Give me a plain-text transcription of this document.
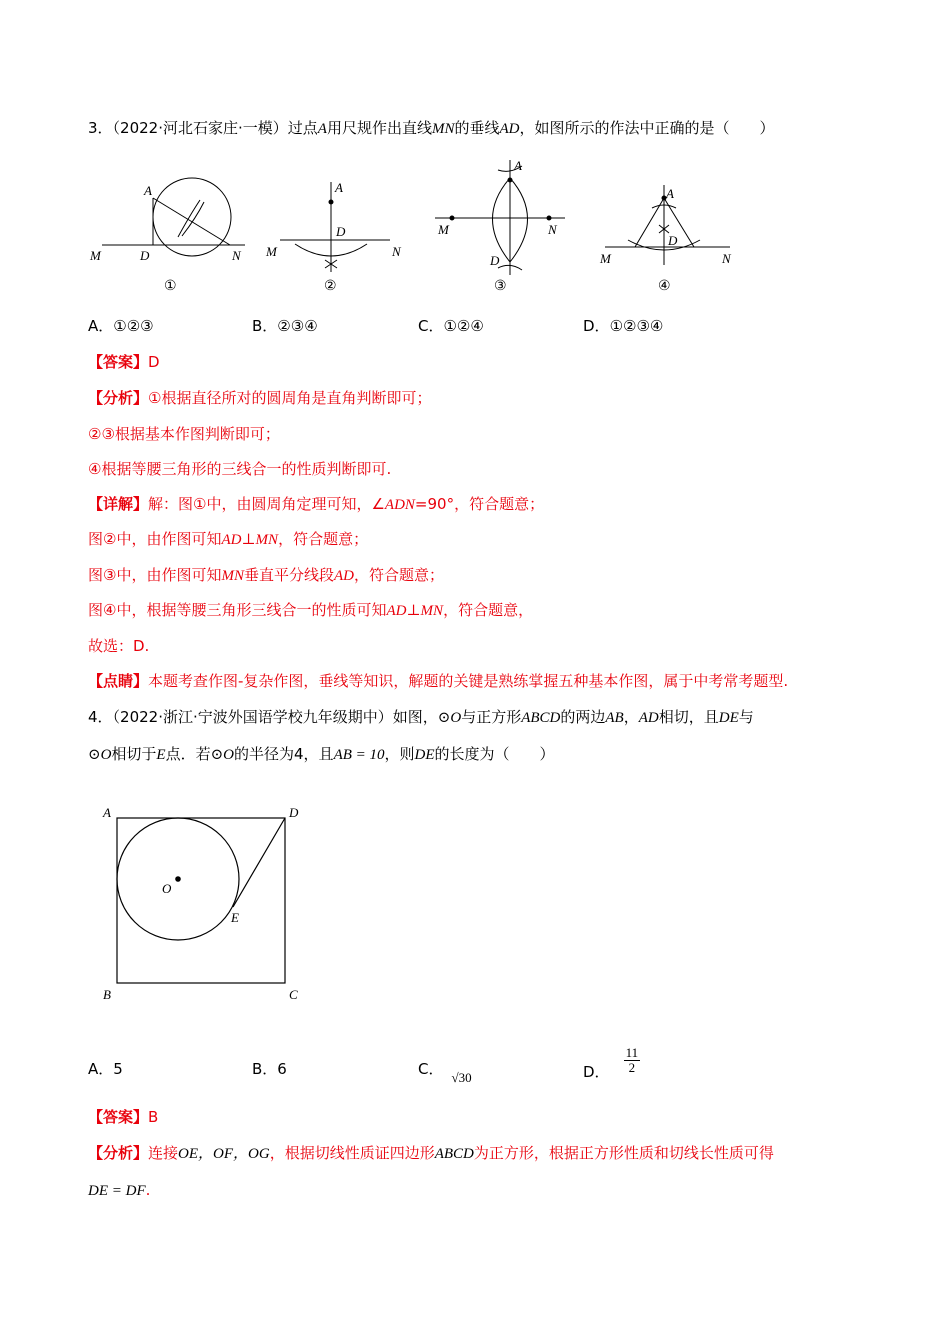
3．（2022·河北石家庄·一模）过点A用尺规作出直线MN的垂线AD，如图所示的作法中正确的是（　　）
A
D
M	N
①
A
D
M	N
②
A
D
M	N
③
A
D
M	N
④
A．①②③	B．②③④	C．①②④	D．①②③④
【答案】D
【分析】①根据直径所对的圆周角是直角判断即可；
②③根据基本作图判断即可；
④根据等腰三角形的三线合一的性质判断即可.
【详解】解：图①中，由圆周角定理可知，∠ADN=90°，符合题意；
图②中，由作图可知AD⊥MN，符合题意；
图③中，由作图可知MN垂直平分线段AD，符合题意；
图④中，根据等腰三角形三线合一的性质可知AD⊥MN，符合题意，
故选：D.
【点睛】本题考查作图-复杂作图，垂线等知识，解题的关键是熟练掌握五种基本作图，属于中考常考题型.
4．（2022·浙江·宁波外国语学校九年级期中）如图，⊙O与正方形ABCD的两边AB，AD相切，且DE与
⊙O相切于E点．若⊙O的半径为4，且AB = 10，则DE的长度为（　　）
A	D
B	C
O
E
A．5	B．6	C． √30	D． $\frac{11}{2}$
【答案】B
【分析】连接OE，OF，OG，根据切线性质证四边形ABCD为正方形，根据正方形性质和切线长性质可得
DE = DF.
